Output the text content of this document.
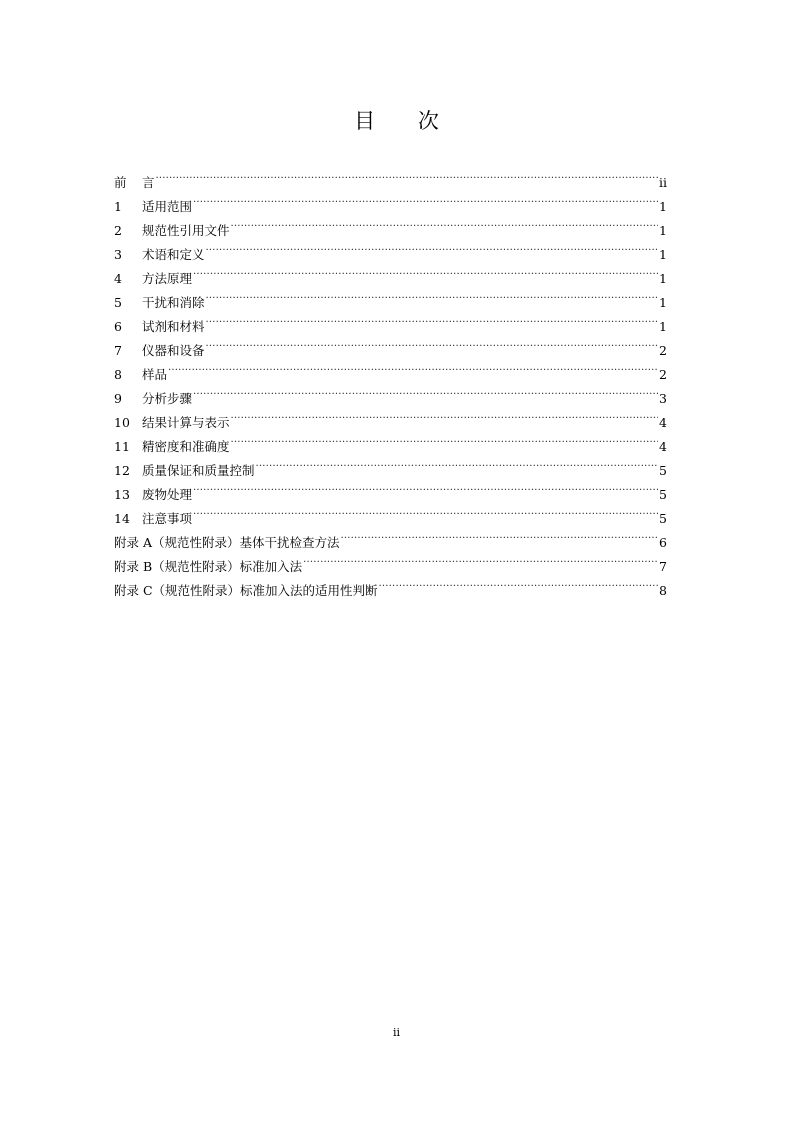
目 次
前	言 .....	ii
1	适用范围 .....	1
2	规范性引用文件 .....	1
3	术语和定义 .....	1
4	方法原理 .....	1
5	干扰和消除 .....	1
6	试剂和材料 .....	1
7	仪器和设备 .....	2
8	样品 .....	2
9	分析步骤 .....	3
10 结果计算与表示 .....	4
11 精密度和准确度 .....	4
12 质量保证和质量控制 .....	5
13 废物处理 .....	5
14 注意事项 .....	5
附录 A（规范性附录）基体干扰检查方法 .....	6
附录 B（规范性附录）标准加入法 .....	7
附录 C（规范性附录）标准加入法的适用性判断 .....	8
ii
